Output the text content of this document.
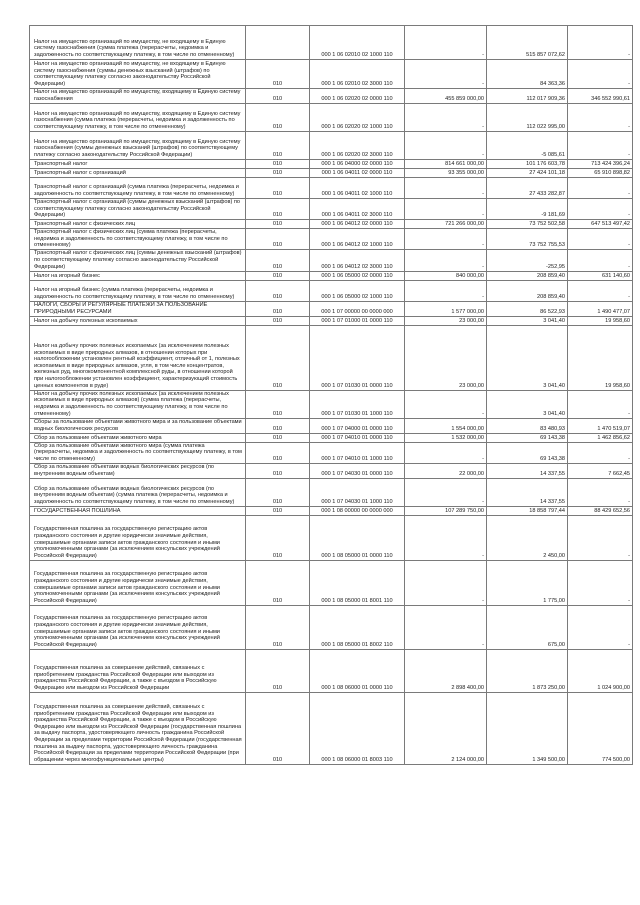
Налог на имущество организаций по имуществу, не входящему в Единую систему газоснабжения (сумма платежа (перерасчеты, недоимка и задолженность по соответствующему платежу, в том числе по отмененному)		000 1 06 02010 02 1000 110	-	515 857 072,62	-
Налог на имущество организаций по имуществу, не входящему в Единую систему газоснабжения (суммы денежных взысканий (штрафов) по соответствующему платежу согласно законодательству Российской Федерации)	010	000 1 06 02010 02 3000 110	-	84 363,36	-
Налог на имущество организаций по имуществу, входящему в Единую систему газоснабжения	010	000 1 06 02020 02 0000 110	455 859 000,00	112 017 909,36	346 552 990,61
Налог на имущество организаций по имуществу, входящему в Единую систему газоснабжения (сумма платежа (перерасчеты, недоимка и задолженность по соответствующему платежу, в том числе по отмененному)	010	000 1 06 02020 02 1000 110	-	112 022 995,00	-
Налог на имущество организаций по имуществу, входящему в Единую систему газоснабжения (суммы денежных взысканий (штрафов) по соответствующему платежу согласно законодательству Российской Федерации)	010	000 1 06 02020 02 3000 110	-	-5 085,61	-
Транспортный налог	010	000 1 06 04000 02 0000 110	814 661 000,00	101 176 603,78	713 424 396,24
Транспортный налог с организаций	010	000 1 06 04011 02 0000 110	93 355 000,00	27 424 101,18	65 910 898,82
Транспортный налог с организаций (сумма платежа (перерасчеты, недоимка и задолженность по соответствующему платежу, в том числе по отмененному)	010	000 1 06 04011 02 1000 110	-	27 433 282,87	-
Транспортный налог с организаций (суммы денежных взысканий (штрафов) по соответствующему платежу согласно законодательству Российской Федерации)	010	000 1 06 04011 02 3000 110	-	-9 181,69	-
Транспортный налог с физических лиц	010	000 1 06 04012 02 0000 110	721 266 000,00	73 752 502,58	647 513 497,42
Транспортный налог с физических лиц (сумма платежа (перерасчеты, недоимка и задолженность по соответствующему платежу, в том числе по отмененному)	010	000 1 06 04012 02 1000 110	-	73 752 755,53	-
Транспортный налог с физических лиц (суммы денежных взысканий (штрафов) по соответствующему платежу согласно законодательству Российской Федерации)	010	000 1 06 04012 02 3000 110	-	-252,95	-
Налог на игорный бизнес	010	000 1 06 05000 02 0000 110	840 000,00	208 859,40	631 140,60
Налог на игорный бизнес (сумма платежа (перерасчеты, недоимка и задолженность по соответствующему платежу, в том числе по отмененному)	010	000 1 06 05000 02 1000 110	-	208 859,40	-
НАЛОГИ, СБОРЫ И РЕГУЛЯРНЫЕ ПЛАТЕЖИ ЗА ПОЛЬЗОВАНИЕ ПРИРОДНЫМИ РЕСУРСАМИ	010	000 1 07 00000 00 0000 000	1 577 000,00	86 522,93	1 490 477,07
Налог на добычу полезных ископаемых	010	000 1 07 01000 01 0000 110	23 000,00	3 041,40	19 958,60
Налог на добычу прочих полезных ископаемых (за исключением полезных ископаемых в виде природных алмазов, в отношении которых при налогообложении установлен рентный коэффициент, отличный от 1, полезных ископаемых в виде природных алмазов, угля, в том числе концентратов, железных руд, многокомпонентной комплексной руды, в отношении которой при налогообложении установлен коэффициент, характеризующий стоимость ценных компонентов в руде)	010	000 1 07 01030 01 0000 110	23 000,00	3 041,40	19 958,60
Налог на добычу прочих полезных ископаемых (за исключением полезных ископаемых в виде природных алмазов) (сумма платежа (перерасчеты, недоимка и задолженность по соответствующему платежу, в том числе по отмененному)	010	000 1 07 01030 01 1000 110	-	3 041,40	-
Сборы за пользование объектами животного мира и за пользование объектами водных биологических ресурсов	010	000 1 07 04000 01 0000 110	1 554 000,00	83 480,93	1 470 519,07
Сбор за пользование объектами животного мира	010	000 1 07 04010 01 0000 110	1 532 000,00	69 143,38	1 462 856,62
Сбор за пользование объектами животного мира (сумма платежа (перерасчеты, недоимка и задолженность по соответствующему платежу, в том числе по отмененному)	010	000 1 07 04010 01 1000 110	-	69 143,38	-
Сбор за пользование объектами водных биологических ресурсов (по внутренним водным объектам)	010	000 1 07 04030 01 0000 110	22 000,00	14 337,55	7 662,45
Сбор за пользование объектами водных биологических ресурсов (по внутренним водным объектам) (сумма платежа (перерасчеты, недоимка и задолженность по соответствующему платежу, в том числе по отмененному)	010	000 1 07 04030 01 1000 110	-	14 337,55	-
ГОСУДАРСТВЕННАЯ ПОШЛИНА	010	000 1 08 00000 00 0000 000	107 289 750,00	18 858 797,44	88 429 652,56
Государственная пошлина за государственную регистрацию актов гражданского состояния и другие юридически значимые действия, совершаемые органами записи актов гражданского состояния и иными уполномоченными органами (за исключением консульских учреждений Российской Федерации)	010	000 1 08 05000 01 0000 110	-	2 450,00	-
Государственная пошлина за государственную регистрацию актов гражданского состояния и другие юридически значимые действия, совершаемые органами записи актов гражданского состояния и иными уполномоченными органами (за исключением консульских учреждений Российской Федерации)	010	000 1 08 05000 01 8001 110	-	1 775,00	-
Государственная пошлина за государственную регистрацию актов гражданского состояния и другие юридически значимые действия, совершаемые органами записи актов гражданского состояния и иными уполномоченными органами (за исключением консульских учреждений Российской Федерации)	010	000 1 08 05000 01 8002 110	-	675,00	-
Государственная пошлина за совершение действий, связанных с приобретением гражданства Российской Федерации или выходом из гражданства Российской Федерации, а также с въездом в Российскую Федерацию или выездом из Российской Федерации	010	000 1 08 06000 01 0000 110	2 898 400,00	1 873 250,00	1 024 900,00
Государственная пошлина за совершение действий, связанных с приобретением гражданства Российской Федерации или выходом из гражданства Российской Федерации, а также с въездом в Российскую Федерацию или выездом из Российской Федерации (государственная пошлина за выдачу паспорта, удостоверяющего личность гражданина Российской Федерации за пределами территории Российской Федерации (государственная пошлина за выдачу паспорта, удостоверяющего личность гражданина Российской Федерации за пределами территории Российской Федерации (при обращении через многофункциональные центры)	010	000 1 08 06000 01 8003 110	2 124 000,00	1 349 500,00	774 500,00
